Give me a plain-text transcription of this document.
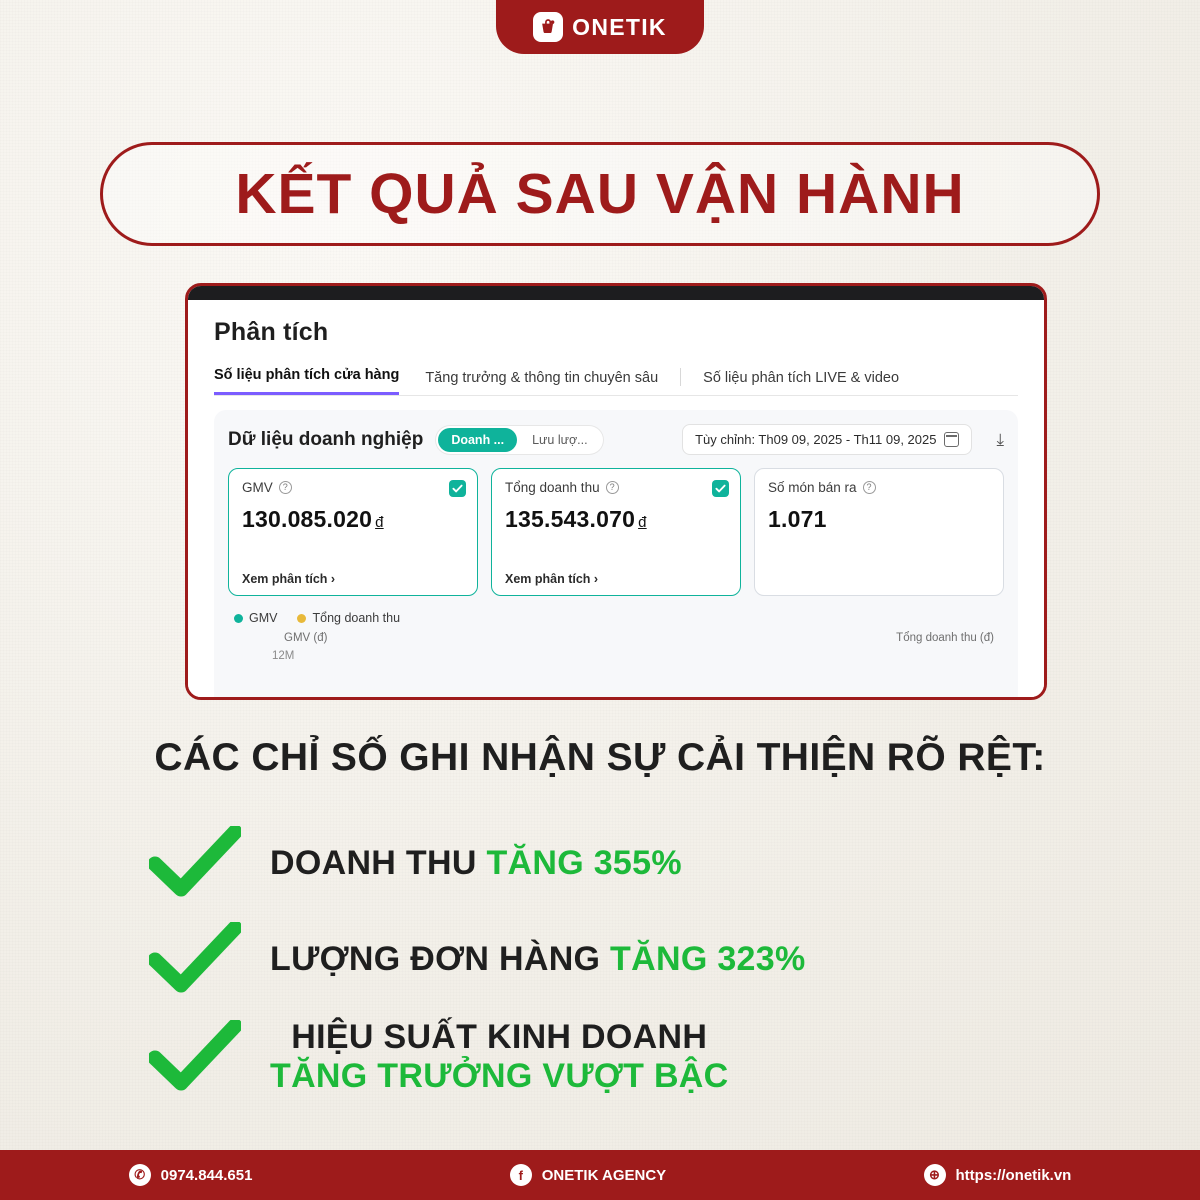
ONETIK
KẾT QUẢ SAU VẬN HÀNH
Phân tích
Số liệu phân tích cửa hàng Tăng trưởng & thông tin chuyên sâu	Số liệu phân tích LIVE & video
Dữ liệu doanh nghiệp	Doanh ...	Lưu lượ...	Tùy chỉnh: Th09 09, 2025 - Th11 09, 2025	⤓
GMV	?
130.085.020 đ
Xem phân tích ›
Tổng doanh thu	?
135.543.070 đ
Xem phân tích ›
Số món bán ra	?
1.071
GMV	Tổng doanh thu
GMV (đ)	Tổng doanh thu (đ)
12M
CÁC CHỈ SỐ GHI NHẬN SỰ CẢI THIỆN RÕ RỆT:
DOANH THU TĂNG 355%
LƯỢNG ĐƠN HÀNG TĂNG 323%
HIỆU SUẤT KINH DOANH
TĂNG TRƯỞNG VƯỢT BẬC
✆	0974.844.651	f	ONETIK AGENCY	⊕	https://onetik.vn
